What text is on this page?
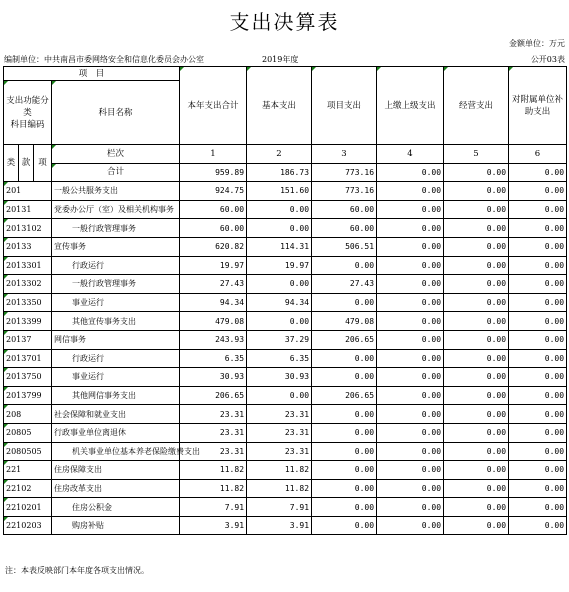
支出决算表
金额单位：万元
编制单位：中共南昌市委网络安全和信息化委员会办公室	2019年度	公开03表
项　目				本年支出合计	基本支出	项目支出	上缴上级支出	经营支出	对附属单位补助支出
支出功能分类
科目编码			科目名称						

类	款	项	栏次	1	2	3	4	5	6
			合计	959.89	186.73	773.16	0.00	0.00	0.00
201			一般公共服务支出	924.75	151.60	773.16	0.00	0.00	0.00
20131			党委办公厅（室）及相关机构事务	60.00	0.00	60.00	0.00	0.00	0.00
2013102			一般行政管理事务	60.00	0.00	60.00	0.00	0.00	0.00
20133			宣传事务	620.82	114.31	506.51	0.00	0.00	0.00
2013301			行政运行	19.97	19.97	0.00	0.00	0.00	0.00
2013302			一般行政管理事务	27.43	0.00	27.43	0.00	0.00	0.00
2013350			事业运行	94.34	94.34	0.00	0.00	0.00	0.00
2013399			其他宣传事务支出	479.08	0.00	479.08	0.00	0.00	0.00
20137			网信事务	243.93	37.29	206.65	0.00	0.00	0.00
2013701			行政运行	6.35	6.35	0.00	0.00	0.00	0.00
2013750			事业运行	30.93	30.93	0.00	0.00	0.00	0.00
2013799			其他网信事务支出	206.65	0.00	206.65	0.00	0.00	0.00
208			社会保障和就业支出	23.31	23.31	0.00	0.00	0.00	0.00
20805			行政事业单位离退休	23.31	23.31	0.00	0.00	0.00	0.00
2080505			机关事业单位基本养老保险缴费支出	23.31	23.31	0.00	0.00	0.00	0.00
221			住房保障支出	11.82	11.82	0.00	0.00	0.00	0.00
22102			住房改革支出	11.82	11.82	0.00	0.00	0.00	0.00
2210201			住房公积金	7.91	7.91	0.00	0.00	0.00	0.00
2210203			购房补贴	3.91	3.91	0.00	0.00	0.00	0.00
注：本表反映部门本年度各项支出情况。
